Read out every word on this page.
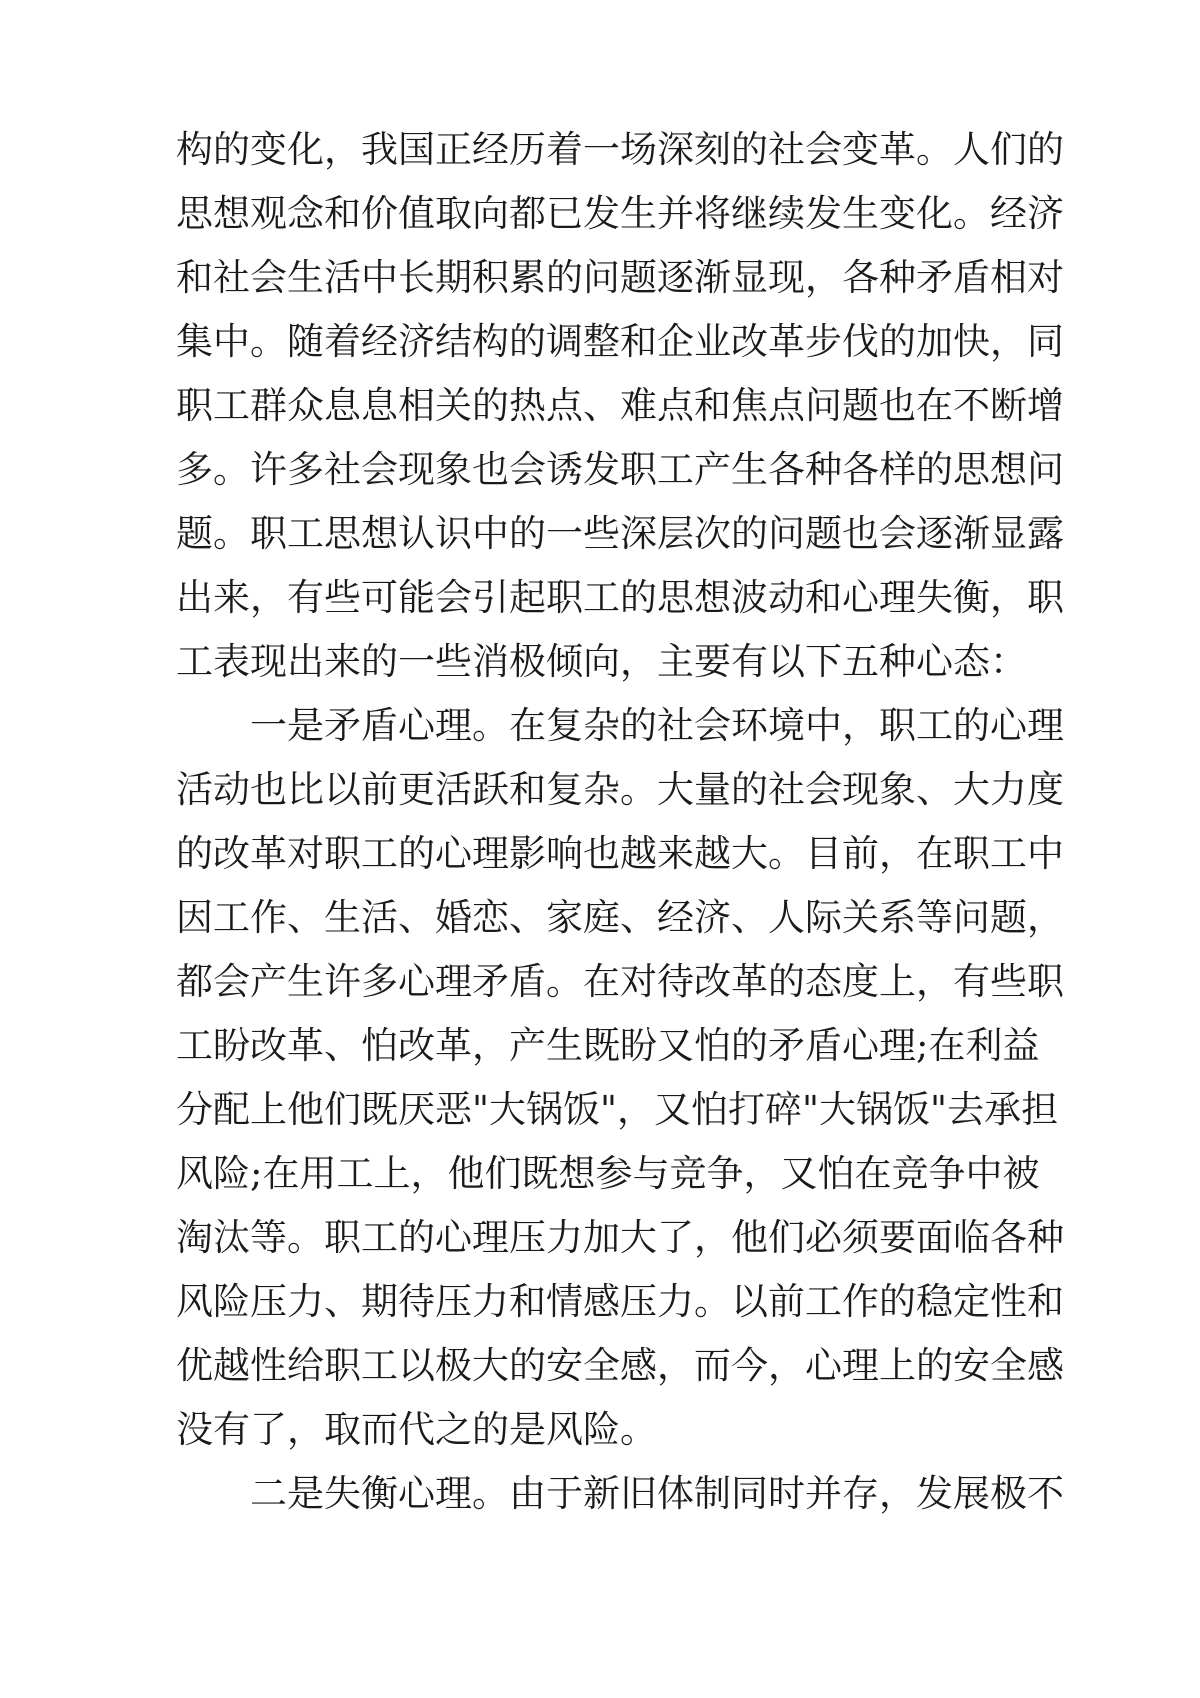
构的变化，我国正经历着一场深刻的社会变革。人们的
思想观念和价值取向都已发生并将继续发生变化。经济
和社会生活中长期积累的问题逐渐显现，各种矛盾相对
集中。随着经济结构的调整和企业改革步伐的加快，同
职工群众息息相关的热点、难点和焦点问题也在不断增
多。许多社会现象也会诱发职工产生各种各样的思想问
题。职工思想认识中的一些深层次的问题也会逐渐显露
出来，有些可能会引起职工的思想波动和心理失衡，职
工表现出来的一些消极倾向，主要有以下五种心态：
一是矛盾心理。在复杂的社会环境中，职工的心理
活动也比以前更活跃和复杂。大量的社会现象、大力度
的改革对职工的心理影响也越来越大。目前，在职工中
因工作、生活、婚恋、家庭、经济、人际关系等问题，
都会产生许多心理矛盾。在对待改革的态度上，有些职
工盼改革、怕改革，产生既盼又怕的矛盾心理;在利益
分配上他们既厌恶"大锅饭"，又怕打碎"大锅饭"去承担
风险;在用工上，他们既想参与竞争，又怕在竞争中被
淘汰等。职工的心理压力加大了，他们必须要面临各种
风险压力、期待压力和情感压力。以前工作的稳定性和
优越性给职工以极大的安全感，而今，心理上的安全感
没有了，取而代之的是风险。
二是失衡心理。由于新旧体制同时并存，发展极不
